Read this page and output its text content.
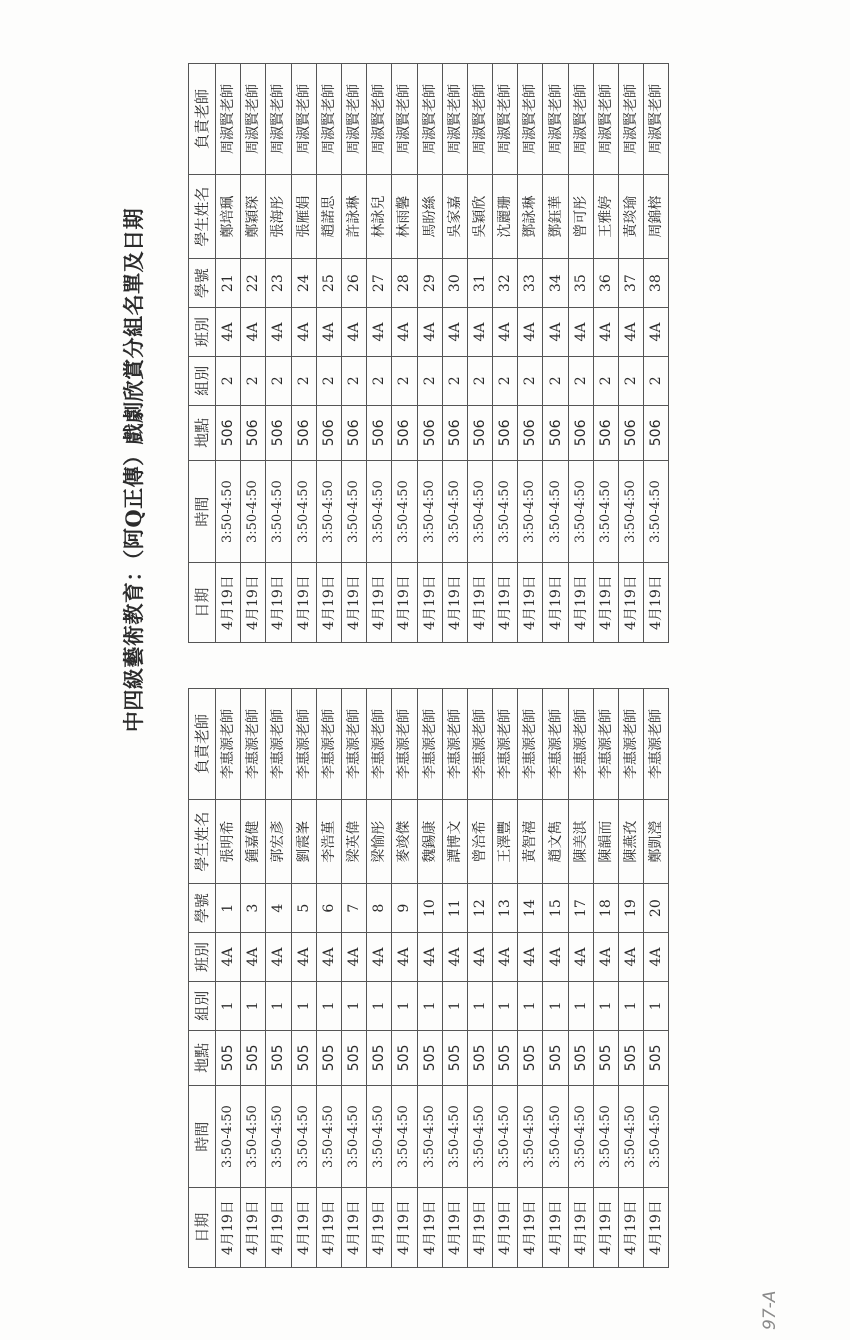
中四級藝術教育：（阿Q正傳）戲劇欣賞分組名單及日期
日期	時間	地點	組別	班別	學號	學生姓名	負責老師
4月19日	3:50-4:50	505	1	4A	1	張明希	李惠源老師
4月19日	3:50-4:50	505	1	4A	3	鍾嘉健	李惠源老師
4月19日	3:50-4:50	505	1	4A	4	郭宏彥	李惠源老師
4月19日	3:50-4:50	505	1	4A	5	劉震峯	李惠源老師
4月19日	3:50-4:50	505	1	4A	6	李浩堇	李惠源老師
4月19日	3:50-4:50	505	1	4A	7	梁英偉	李惠源老師
4月19日	3:50-4:50	505	1	4A	8	梁愉彤	李惠源老師
4月19日	3:50-4:50	505	1	4A	9	麥竣傑	李惠源老師
4月19日	3:50-4:50	505	1	4A	10	魏錫康	李惠源老師
4月19日	3:50-4:50	505	1	4A	11	譚博文	李惠源老師
4月19日	3:50-4:50	505	1	4A	12	曾治希	李惠源老師
4月19日	3:50-4:50	505	1	4A	13	王澤豐	李惠源老師
4月19日	3:50-4:50	505	1	4A	14	黃智禧	李惠源老師
4月19日	3:50-4:50	505	1	4A	15	趙文雋	李惠源老師
4月19日	3:50-4:50	505	1	4A	17	陳美淇	李惠源老師
4月19日	3:50-4:50	505	1	4A	18	陳韻而	李惠源老師
4月19日	3:50-4:50	505	1	4A	19	陳燕孜	李惠源老師
4月19日	3:50-4:50	505	1	4A	20	鄭凱瀅	李惠源老師
日期	時間	地點	組別	班別	學號	學生姓名	負責老師
4月19日	3:50-4:50	506	2	4A	21	鄭培珮	周淑賢老師
4月19日	3:50-4:50	506	2	4A	22	鄭穎琛	周淑賢老師
4月19日	3:50-4:50	506	2	4A	23	張海彤	周淑賢老師
4月19日	3:50-4:50	506	2	4A	24	張雁娟	周淑賢老師
4月19日	3:50-4:50	506	2	4A	25	趙諾思	周淑賢老師
4月19日	3:50-4:50	506	2	4A	26	許詠琳	周淑賢老師
4月19日	3:50-4:50	506	2	4A	27	林詠兒	周淑賢老師
4月19日	3:50-4:50	506	2	4A	28	林雨馨	周淑賢老師
4月19日	3:50-4:50	506	2	4A	29	馬盼絲	周淑賢老師
4月19日	3:50-4:50	506	2	4A	30	吳家嘉	周淑賢老師
4月19日	3:50-4:50	506	2	4A	31	吳穎欣	周淑賢老師
4月19日	3:50-4:50	506	2	4A	32	沈麗珊	周淑賢老師
4月19日	3:50-4:50	506	2	4A	33	鄧詠琳	周淑賢老師
4月19日	3:50-4:50	506	2	4A	34	鄧鈺華	周淑賢老師
4月19日	3:50-4:50	506	2	4A	35	曾可彤	周淑賢老師
4月19日	3:50-4:50	506	2	4A	36	王雅婷	周淑賢老師
4月19日	3:50-4:50	506	2	4A	37	黃琰瑜	周淑賢老師
4月19日	3:50-4:50	506	2	4A	38	周錦榕	周淑賢老師
97-A
